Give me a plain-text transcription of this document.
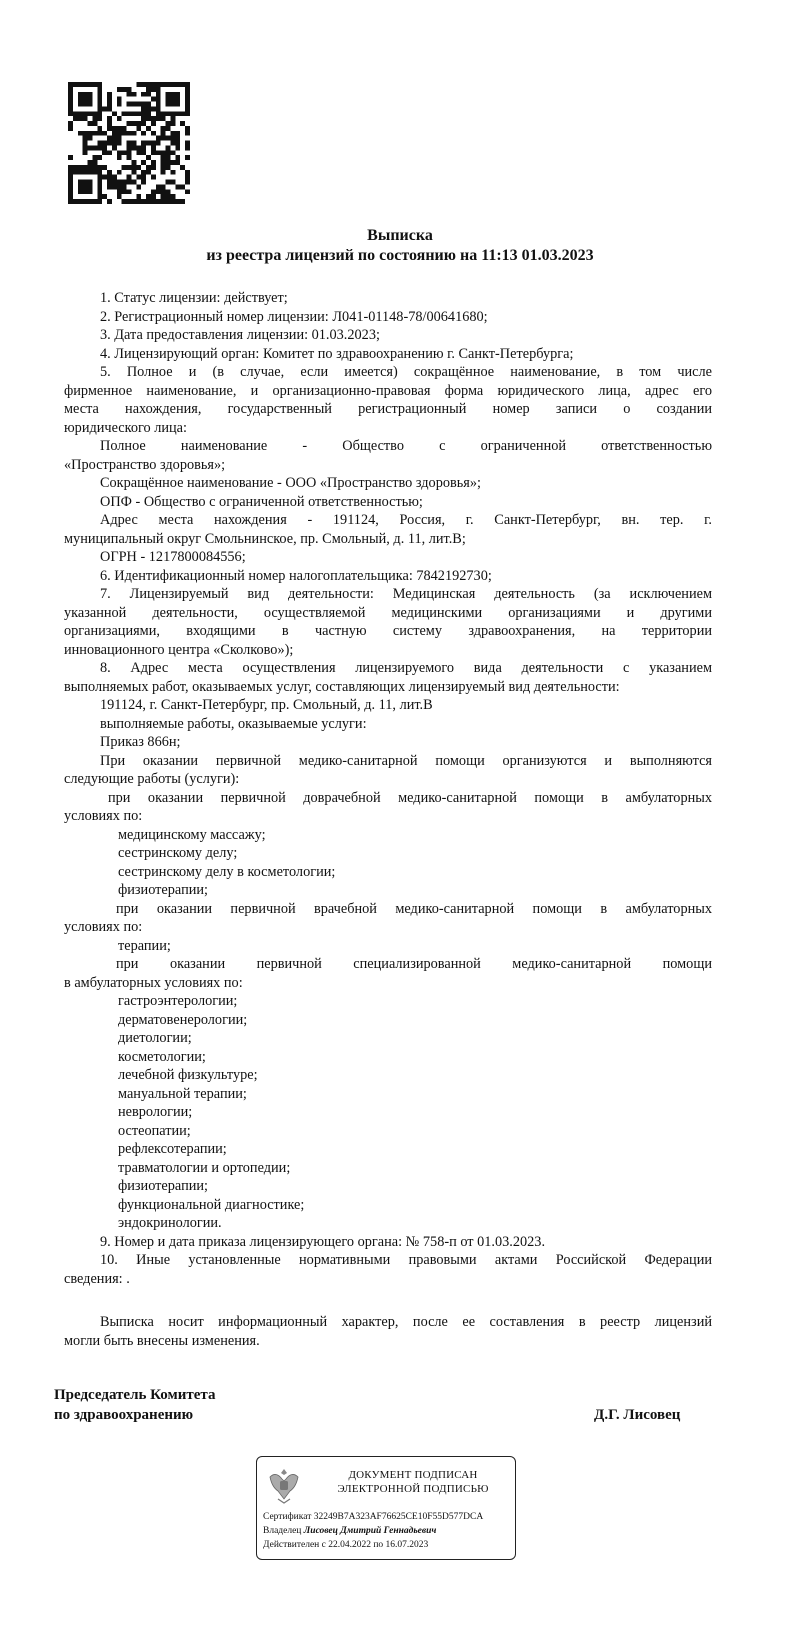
Выписка
из реестра лицензий по состоянию на 11:13 01.03.2023

1. Статус лицензии: действует;

2. Регистрационный номер лицензии: Л041-01148-78/00641680;

3. Дата предоставления лицензии: 01.03.2023;

4. Лицензирующий орган: Комитет по здравоохранению г. Санкт-Петербурга;

5. Полное и (в случае, если имеется) сокращённое наименование, в том числе

фирменное наименование, и организационно-правовая форма юридического лица, адрес его

места нахождения, государственный регистрационный номер записи о создании

юридического лица:

Полное наименование - Общество с ограниченной ответственностью

«Пространство здоровья»;

Сокращённое наименование - ООО «Пространство здоровья»;

ОПФ - Общество с ограниченной ответственностью;

Адрес места нахождения - 191124, Россия, г. Санкт-Петербург, вн. тер. г.

муниципальный округ Смольнинское, пр. Смольный, д. 11, лит.В;

ОГРН - 1217800084556;

6. Идентификационный номер налогоплательщика: 7842192730;

7. Лицензируемый вид деятельности: Медицинская деятельность (за исключением

указанной деятельности, осуществляемой медицинскими организациями и другими

организациями, входящими в частную систему здравоохранения, на территории

инновационного центра «Сколково»);

8. Адрес места осуществления лицензируемого вида деятельности с указанием

выполняемых работ, оказываемых услуг, составляющих лицензируемый вид деятельности:

191124, г. Санкт-Петербург, пр. Смольный, д. 11, лит.В

выполняемые работы, оказываемые услуги:

Приказ 866н;

При оказании первичной медико-санитарной помощи организуются и выполняются

следующие работы (услуги):

при оказании первичной доврачебной медико-санитарной помощи в амбулаторных

условиях по:

медицинскому массажу;

сестринскому делу;

сестринскому делу в косметологии;

физиотерапии;

при оказании первичной врачебной медико-санитарной помощи в амбулаторных

условиях по:

терапии;

при оказании первичной специализированной медико-санитарной помощи

в амбулаторных условиях по:

гастроэнтерологии;

дерматовенерологии;

диетологии;

косметологии;

лечебной физкультуре;

мануальной терапии;

неврологии;

остеопатии;

рефлексотерапии;

травматологии и ортопедии;

физиотерапии;

функциональной диагностике;

эндокринологии.

9. Номер и дата приказа лицензирующего органа: № 758-п от 01.03.2023.

10. Иные установленные нормативными правовыми актами Российской Федерации

сведения: .

Выписка носит информационный характер, после ее составления в реестр лицензий

могли быть внесены изменения.

Председатель Комитета

по здравоохранению	Д.Г. Лисовец

ДОКУМЕНТ ПОДПИСАН

ЭЛЕКТРОННОЙ ПОДПИСЬЮ

Сертификат 32249B7A323AF76625CE10F55D577DCA

Владелец Лисовец Дмитрий Геннадьевич

Действителен с 22.04.2022 по 16.07.2023
